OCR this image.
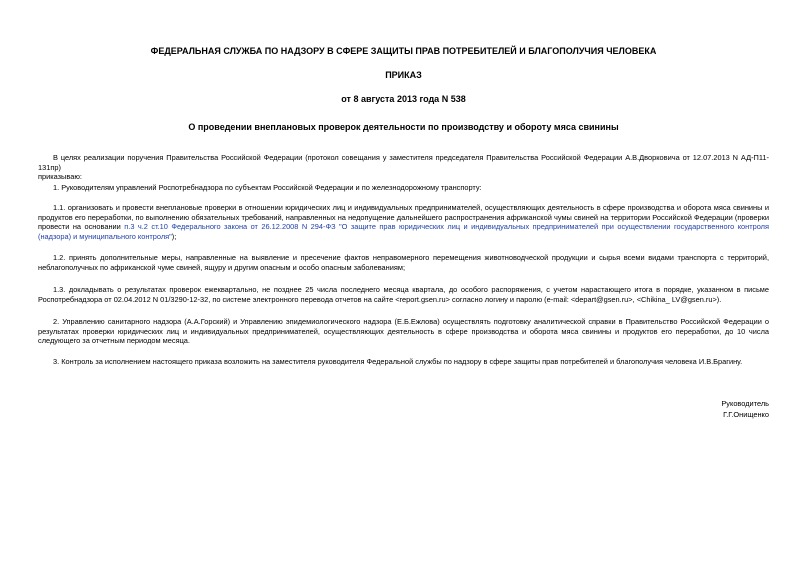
ФЕДЕРАЛЬНАЯ СЛУЖБА ПО НАДЗОРУ В СФЕРЕ ЗАЩИТЫ ПРАВ ПОТРЕБИТЕЛЕЙ И БЛАГОПОЛУЧИЯ ЧЕЛОВЕКА
ПРИКАЗ
от 8 августа 2013 года N 538
О проведении внеплановых проверок деятельности по производству и обороту мяса свинины
В целях реализации поручения Правительства Российской Федерации (протокол совещания у заместителя председателя Правительства Российской Федерации А.В.Дворковича от 12.07.2013 N АД-П11-131пр)
приказываю:
1. Руководителям управлений Роспотребнадзора по субъектам Российской Федерации и по железнодорожному транспорту:
1.1. организовать и провести внеплановые проверки в отношении юридических лиц и индивидуальных предпринимателей, осуществляющих деятельность в сфере производства и оборота мяса свинины и продуктов его переработки, по выполнению обязательных требований, направленных на недопущение дальнейшего распространения африканской чумы свиней на территории Российской Федерации (проверки провести на основании п.3 ч.2 ст.10 Федерального закона от 26.12.2008 N 294-ФЗ "О защите прав юридических лиц и индивидуальных предпринимателей при осуществлении государственного контроля (надзора) и муниципального контроля");
1.2. принять дополнительные меры, направленные на выявление и пресечение фактов неправомерного перемещения животноводческой продукции и сырья всеми видами транспорта с территорий, неблагополучных по африканской чуме свиней, ящуру и другим опасным и особо опасным заболеваниям;
1.3. докладывать о результатах проверок ежеквартально, не позднее 25 числа последнего месяца квартала, до особого распоряжения, с учетом нарастающего итога в порядке, указанном в письме Роспотребнадзора от 02.04.2012 N 01/3290-12-32, по системе электронного перевода отчетов на сайте <report.gsen.ru> согласно логину и паролю (e-mail: <depart@gsen.ru>, <Chikina_ LV@gsen.ru>).
2. Управлению санитарного надзора (А.А.Горский) и Управлению эпидемиологического надзора (Е.Б.Ежлова) осуществлять подготовку аналитической справки в Правительство Российской Федерации о результатах проверки юридических лиц и индивидуальных предпринимателей, осуществляющих деятельность в сфере производства и оборота мяса свинины и продуктов его переработки, до 10 числа следующего за отчетным периодом месяца.
3. Контроль за исполнением настоящего приказа возложить на заместителя руководителя Федеральной службы по надзору в сфере защиты прав потребителей и благополучия человека И.В.Брагину.
Руководитель
Г.Г.Онищенко
